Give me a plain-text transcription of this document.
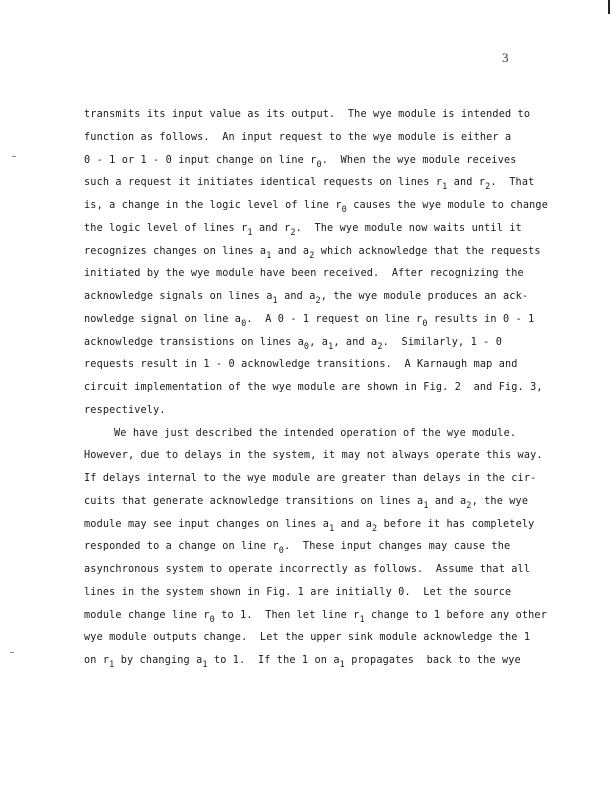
3
transmits its input value as its output.  The wye module is intended to
function as follows.  An input request to the wye module is either a
0 - 1 or 1 - 0 input change on line $r_0$.  When the wye module receives
such a request it initiates identical requests on lines $r_1$ and $r_2$.  That
is, a change in the logic level of line $r_0$ causes the wye module to change
the logic level of lines $r_1$ and $r_2$.  The wye module now waits until it
recognizes changes on lines $a_1$ and $a_2$ which acknowledge that the requests
initiated by the wye module have been received.  After recognizing the
acknowledge signals on lines $a_1$ and $a_2$, the wye module produces an ack-
nowledge signal on line $a_0$.  A 0 - 1 request on line $r_0$ results in 0 - 1
acknowledge transistions on lines $a_0$, $a_1$, and $a_2$.  Similarly, 1 - 0
requests result in 1 - 0 acknowledge transitions.  A Karnaugh map and
circuit implementation of the wye module are shown in Fig. 2  and Fig. 3,
respectively.
We have just described the intended operation of the wye module.
However, due to delays in the system, it may not always operate this way.
If delays internal to the wye module are greater than delays in the cir-
cuits that generate acknowledge transitions on lines $a_1$ and $a_2$, the wye
module may see input changes on lines $a_1$ and $a_2$ before it has completely
responded to a change on line $r_0$.  These input changes may cause the
asynchronous system to operate incorrectly as follows.  Assume that all
lines in the system shown in Fig. 1 are initially 0.  Let the source
module change line $r_0$ to 1.  Then let line $r_1$ change to 1 before any other
wye module outputs change.  Let the upper sink module acknowledge the 1
on $r_1$ by changing $a_1$ to 1.  If the 1 on $a_1$ propagates  back to the wye
